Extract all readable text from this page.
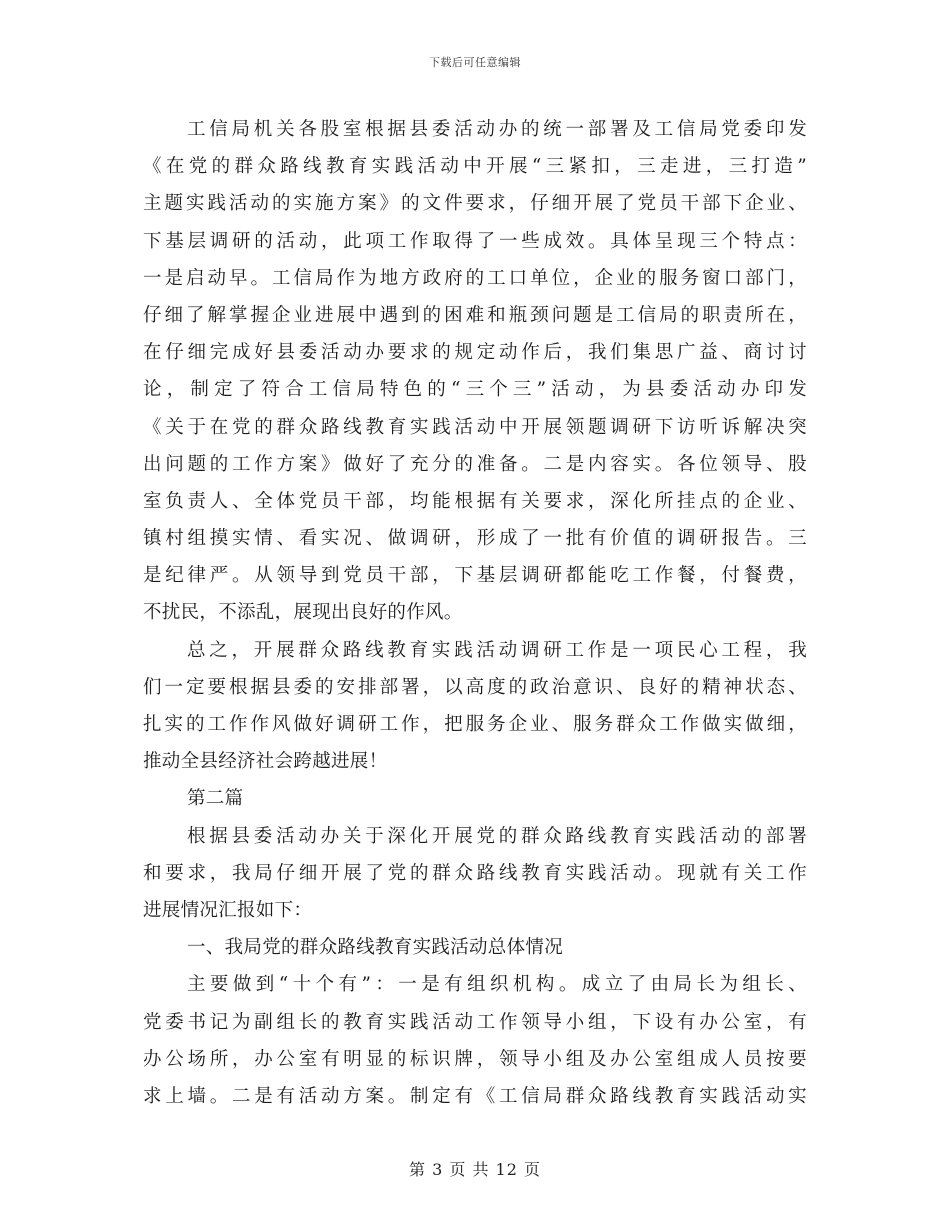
下载后可任意编辑
工信局机关各股室根据县委活动办的统一部署及工信局党委印发
《在党的群众路线教育实践活动中开展“三紧扣，三走进，三打造”
主题实践活动的实施方案》的文件要求，仔细开展了党员干部下企业、
下基层调研的活动，此项工作取得了一些成效。具体呈现三个特点：
一是启动早。工信局作为地方政府的工口单位，企业的服务窗口部门，
仔细了解掌握企业进展中遇到的困难和瓶颈问题是工信局的职责所在，
在仔细完成好县委活动办要求的规定动作后，我们集思广益、商讨讨
论，制定了符合工信局特色的“三个三”活动，为县委活动办印发
《关于在党的群众路线教育实践活动中开展领题调研下访听诉解决突
出问题的工作方案》做好了充分的准备。二是内容实。各位领导、股
室负责人、全体党员干部，均能根据有关要求，深化所挂点的企业、
镇村组摸实情、看实况、做调研，形成了一批有价值的调研报告。三
是纪律严。从领导到党员干部，下基层调研都能吃工作餐，付餐费，
不扰民，不添乱，展现出良好的作风。
总之，开展群众路线教育实践活动调研工作是一项民心工程，我
们一定要根据县委的安排部署，以高度的政治意识、良好的精神状态、
扎实的工作作风做好调研工作，把服务企业、服务群众工作做实做细，
推动全县经济社会跨越进展！
第二篇
根据县委活动办关于深化开展党的群众路线教育实践活动的部署
和要求，我局仔细开展了党的群众路线教育实践活动。现就有关工作
进展情况汇报如下：
一、我局党的群众路线教育实践活动总体情况
主要做到“十个有”：一是有组织机构。成立了由局长为组长、
党委书记为副组长的教育实践活动工作领导小组，下设有办公室，有
办公场所，办公室有明显的标识牌，领导小组及办公室组成人员按要
求上墙。二是有活动方案。制定有《工信局群众路线教育实践活动实
第 3 页 共 12 页
